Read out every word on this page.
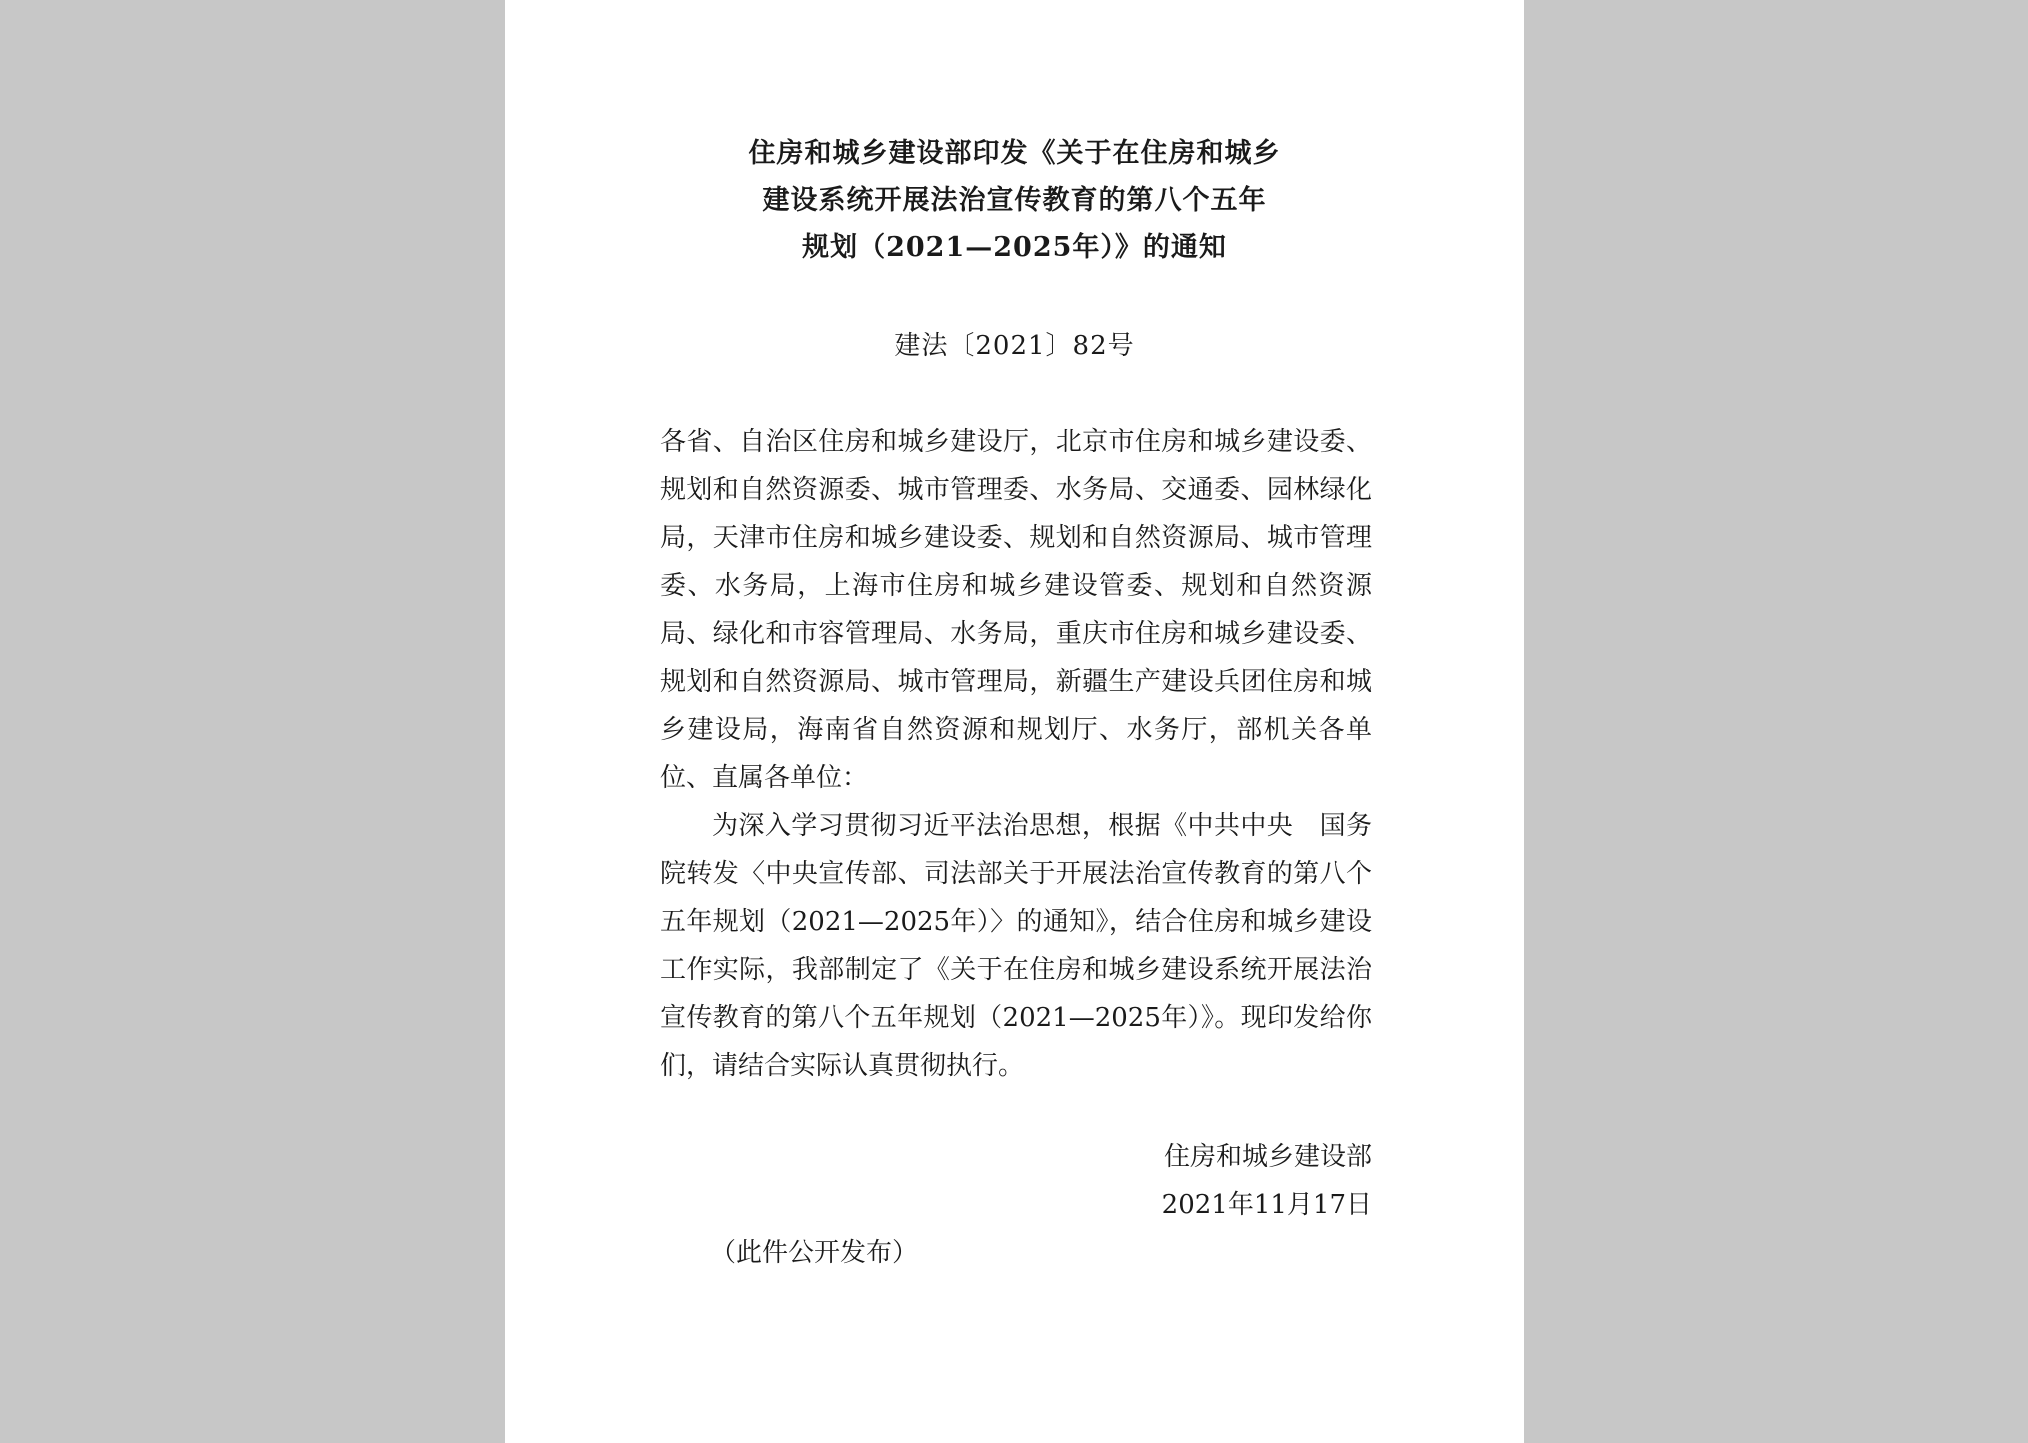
住房和城乡建设部印发《关于在住房和城乡
建设系统开展法治宣传教育的第八个五年
规划（2021—2025年）》的通知
建法〔2021〕82号

各省、自治区住房和城乡建设厅，北京市住房和城乡建设委、规划和自然资源委、城市管理委、水务局、交通委、园林绿化局，天津市住房和城乡建设委、规划和自然资源局、城市管理委、水务局，上海市住房和城乡建设管委、规划和自然资源局、绿化和市容管理局、水务局，重庆市住房和城乡建设委、规划和自然资源局、城市管理局，新疆生产建设兵团住房和城乡建设局，海南省自然资源和规划厅、水务厅，部机关各单位、直属各单位：

为深入学习贯彻习近平法治思想，根据《中共中央　国务院转发〈中央宣传部、司法部关于开展法治宣传教育的第八个五年规划（2021—2025年）〉的通知》，结合住房和城乡建设工作实际，我部制定了《关于在住房和城乡建设系统开展法治宣传教育的第八个五年规划（2021—2025年）》。现印发给你们，请结合实际认真贯彻执行。

住房和城乡建设部
2021年11月17日
（此件公开发布）
